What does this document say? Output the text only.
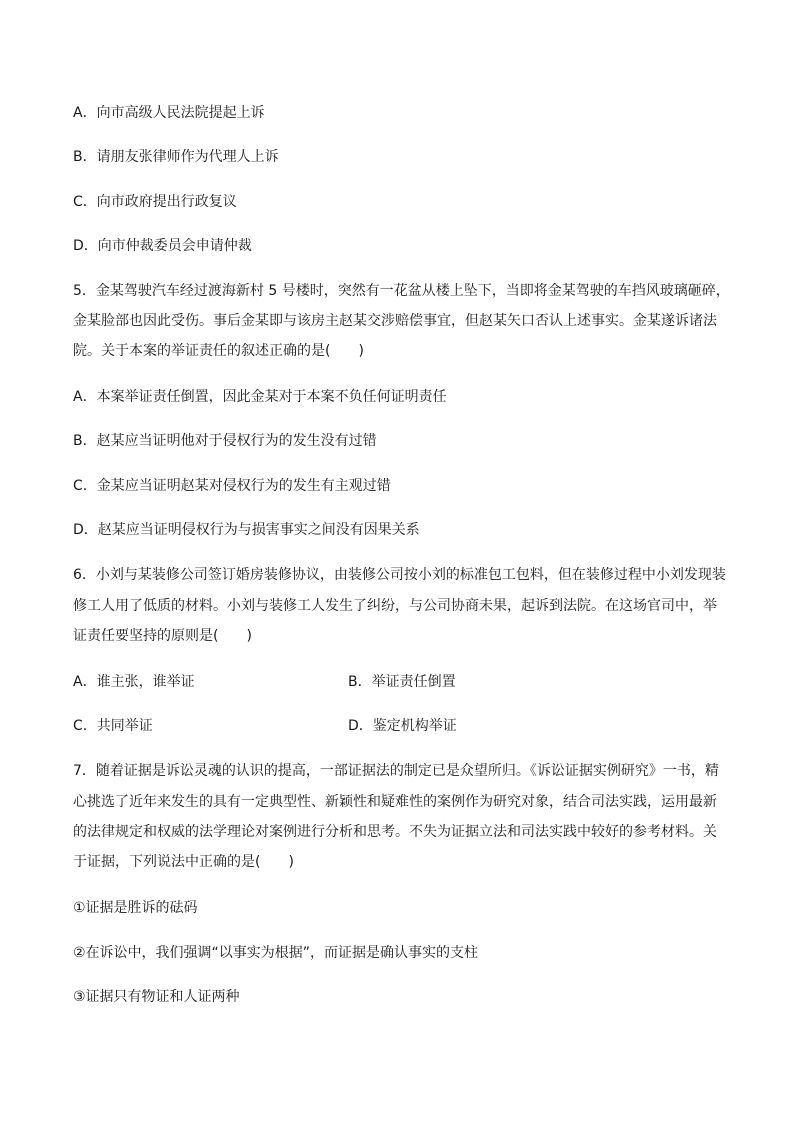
A．向市高级人民法院提起上诉
B．请朋友张律师作为代理人上诉
C．向市政府提出行政复议
D．向市仲裁委员会申请仲裁
5．金某驾驶汽车经过渡海新村 5 号楼时，突然有一花盆从楼上坠下，当即将金某驾驶的车挡风玻璃砸碎，
金某脸部也因此受伤。事后金某即与该房主赵某交涉赔偿事宜，但赵某矢口否认上述事实。金某遂诉诸法
院。关于本案的举证责任的叙述正确的是(　　)
A．本案举证责任倒置，因此金某对于本案不负任何证明责任
B．赵某应当证明他对于侵权行为的发生没有过错
C．金某应当证明赵某对侵权行为的发生有主观过错
D．赵某应当证明侵权行为与损害事实之间没有因果关系
6．小刘与某装修公司签订婚房装修协议，由装修公司按小刘的标准包工包料，但在装修过程中小刘发现装
修工人用了低质的材料。小刘与装修工人发生了纠纷，与公司协商未果，起诉到法院。在这场官司中，举
证责任要坚持的原则是(　　)
A．谁主张，谁举证	B．举证责任倒置
C．共同举证	D．鉴定机构举证
7．随着证据是诉讼灵魂的认识的提高，一部证据法的制定已是众望所归。《诉讼证据实例研究》一书，精
心挑选了近年来发生的具有一定典型性、新颖性和疑难性的案例作为研究对象，结合司法实践，运用最新
的法律规定和权威的法学理论对案例进行分析和思考。不失为证据立法和司法实践中较好的参考材料。关
于证据，下列说法中正确的是(　　)
①证据是胜诉的砝码
②在诉讼中，我们强调“以事实为根据”，而证据是确认事实的支柱
③证据只有物证和人证两种
